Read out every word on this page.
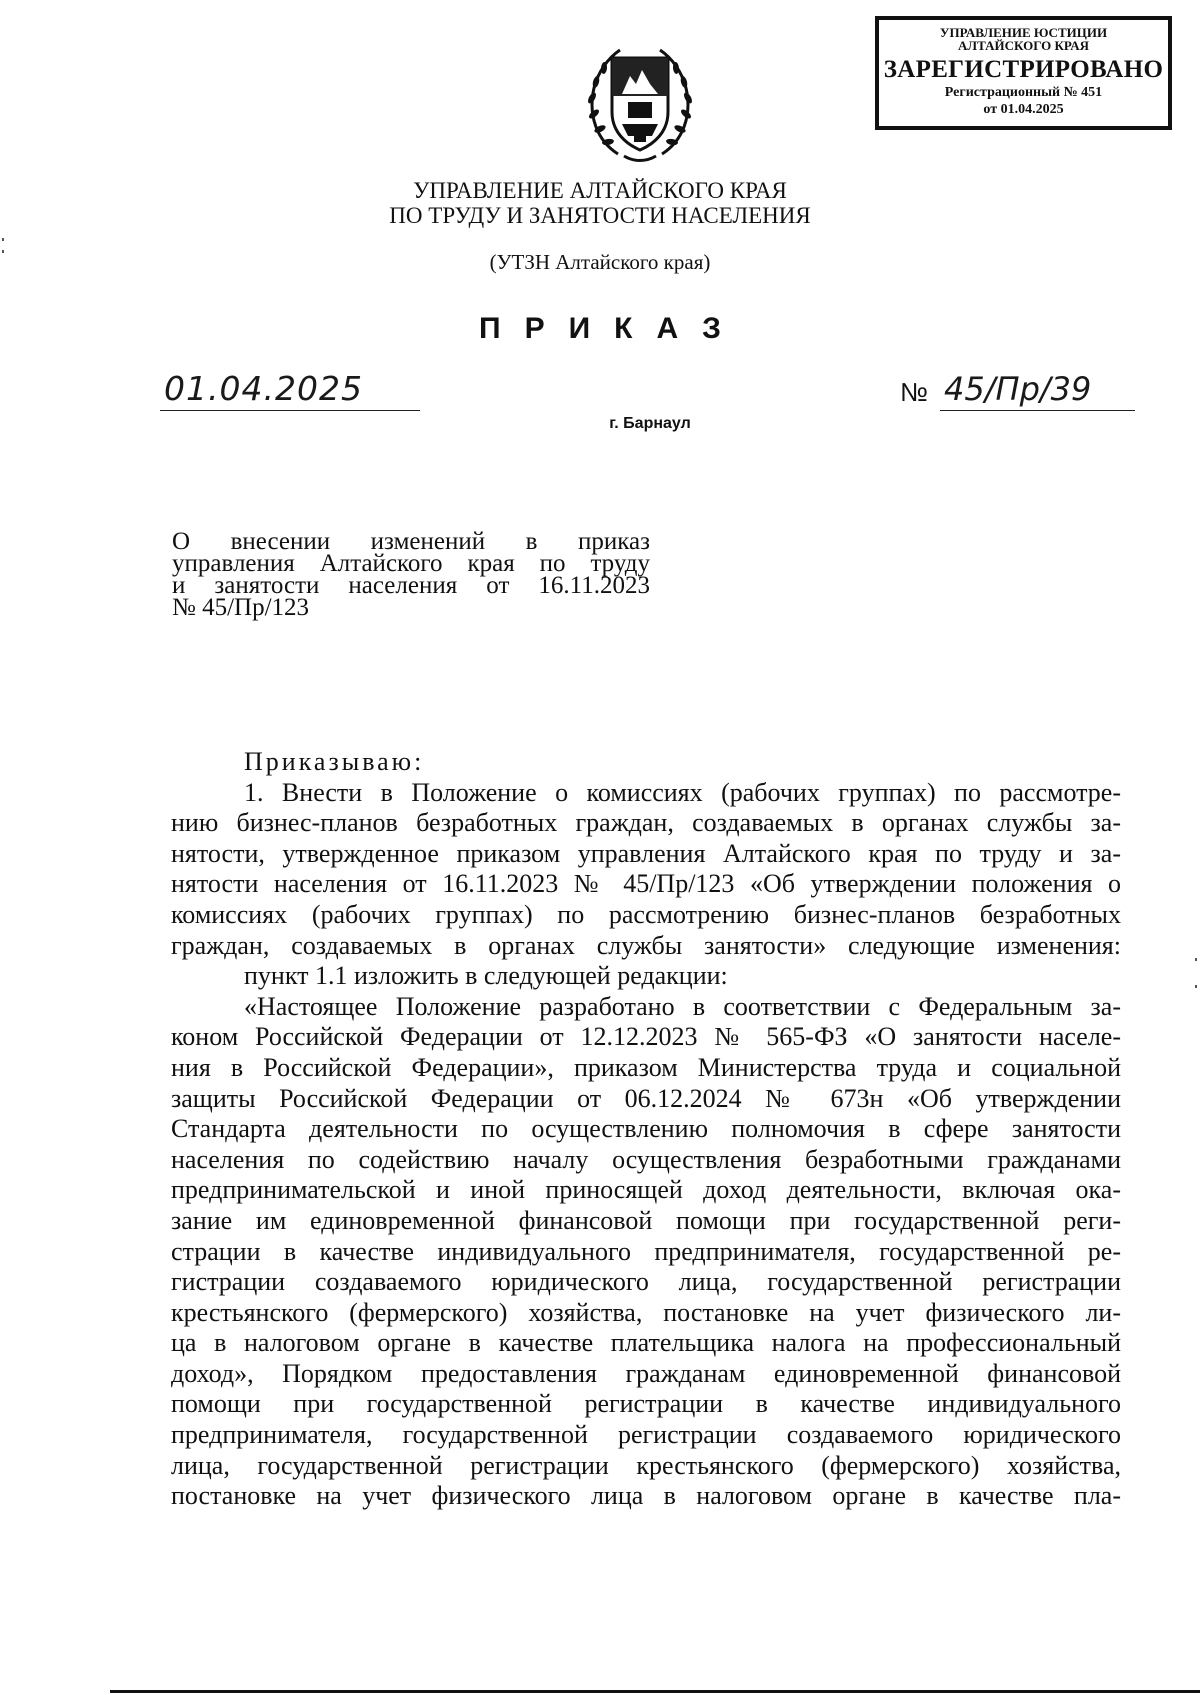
УПРАВЛЕНИЕ ЮСТИЦИИ
АЛТАЙСКОГО КРАЯ
ЗАРЕГИСТРИРОВАНО
Регистрационный № 451
от 01.04.2025
УПРАВЛЕНИЕ АЛТАЙСКОГО КРАЯ
ПО ТРУДУ И ЗАНЯТОСТИ НАСЕЛЕНИЯ
(УТЗН Алтайского края)
ПРИКАЗ
01.04.2025	№ 45/Пр/39
г. Барнаул
О внесении изменений в приказ
управления Алтайского края по труду
и занятости населения от 16.11.2023
№ 45/Пр/123
Приказываю:
1. Внести в Положение о комиссиях (рабочих группах) по рассмотре-
нию бизнес-планов безработных граждан, создаваемых в органах службы за-
нятости, утвержденное приказом управления Алтайского края по труду и за-
нятости населения от 16.11.2023 № 45/Пр/123 «Об утверждении положения о
комиссиях (рабочих группах) по рассмотрению бизнес-планов безработных
граждан, создаваемых в органах службы занятости» следующие изменения:
пункт 1.1 изложить в следующей редакции:
«Настоящее Положение разработано в соответствии с Федеральным за-
коном Российской Федерации от 12.12.2023 № 565-ФЗ «О занятости населе-
ния в Российской Федерации», приказом Министерства труда и социальной
защиты Российской Федерации от 06.12.2024 № 673н «Об утверждении
Стандарта деятельности по осуществлению полномочия в сфере занятости
населения по содействию началу осуществления безработными гражданами
предпринимательской и иной приносящей доход деятельности, включая ока-
зание им единовременной финансовой помощи при государственной реги-
страции в качестве индивидуального предпринимателя, государственной ре-
гистрации создаваемого юридического лица, государственной регистрации
крестьянского (фермерского) хозяйства, постановке на учет физического ли-
ца в налоговом органе в качестве плательщика налога на профессиональный
доход», Порядком предоставления гражданам единовременной финансовой
помощи при государственной регистрации в качестве индивидуального
предпринимателя, государственной регистрации создаваемого юридического
лица, государственной регистрации крестьянского (фермерского) хозяйства,
постановке на учет физического лица в налоговом органе в качестве пла-
